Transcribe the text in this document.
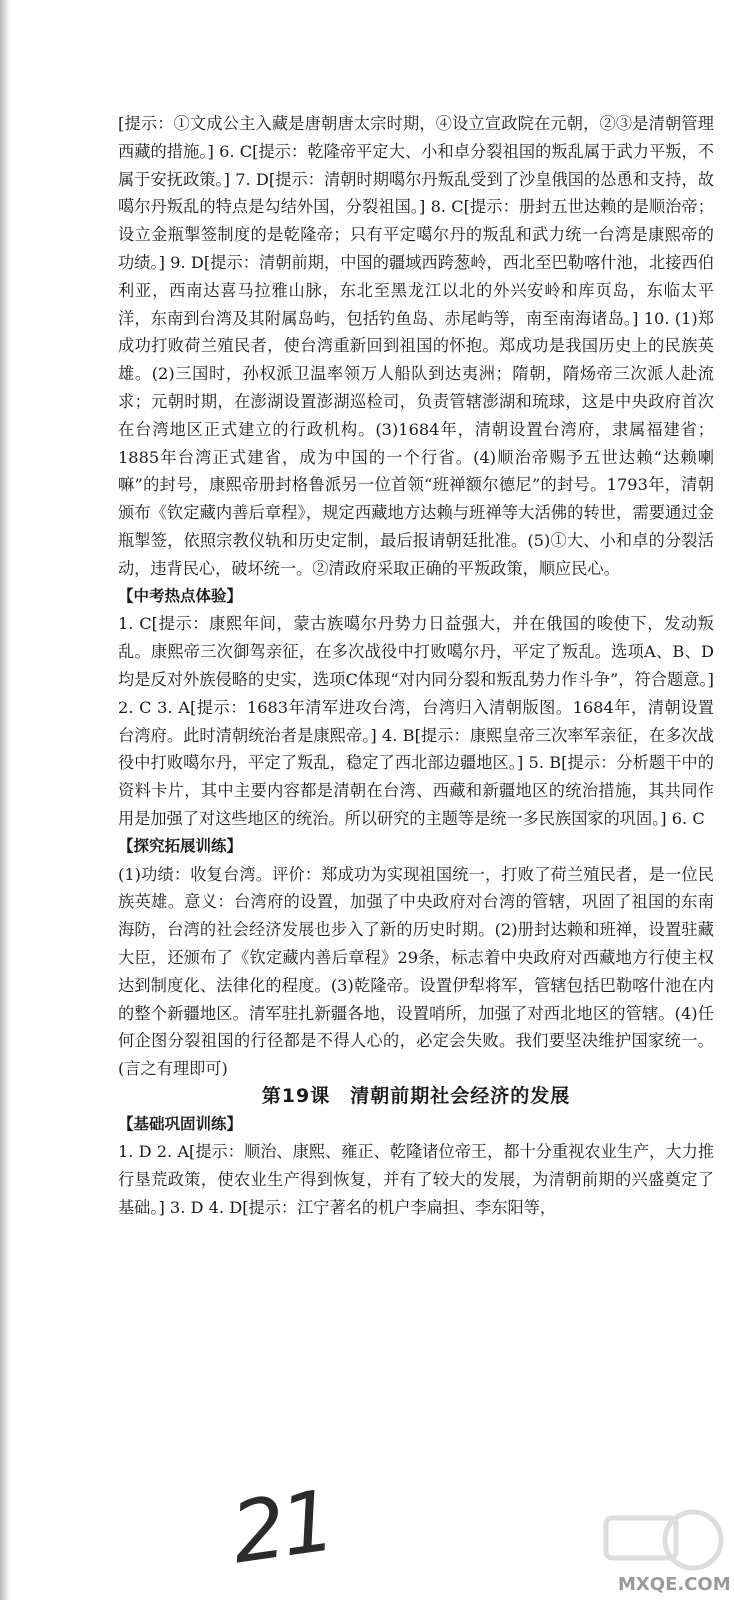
[提示：①文成公主入藏是唐朝唐太宗时期，④设立宣政院在元朝，②③是清朝管理西藏的措施。] 6. C[提示：乾隆帝平定大、小和卓分裂祖国的叛乱属于武力平叛，不属于安抚政策。] 7. D[提示：清朝时期噶尔丹叛乱受到了沙皇俄国的怂恿和支持，故噶尔丹叛乱的特点是勾结外国，分裂祖国。] 8. C[提示：册封五世达赖的是顺治帝；设立金瓶掣签制度的是乾隆帝；只有平定噶尔丹的叛乱和武力统一台湾是康熙帝的功绩。] 9. D[提示：清朝前期，中国的疆域西跨葱岭，西北至巴勒喀什池，北接西伯利亚，西南达喜马拉雅山脉，东北至黑龙江以北的外兴安岭和库页岛，东临太平洋，东南到台湾及其附属岛屿，包括钓鱼岛、赤尾屿等，南至南海诸岛。] 10. (1)郑成功打败荷兰殖民者，使台湾重新回到祖国的怀抱。郑成功是我国历史上的民族英雄。(2)三国时，孙权派卫温率领万人船队到达夷洲；隋朝，隋炀帝三次派人赴流求；元朝时期，在澎湖设置澎湖巡检司，负责管辖澎湖和琉球，这是中央政府首次在台湾地区正式建立的行政机构。(3)1684年，清朝设置台湾府，隶属福建省；1885年台湾正式建省，成为中国的一个行省。(4)顺治帝赐予五世达赖“达赖喇嘛”的封号，康熙帝册封格鲁派另一位首领“班禅额尔德尼”的封号。1793年，清朝颁布《钦定藏内善后章程》，规定西藏地方达赖与班禅等大活佛的转世，需要通过金瓶掣签，依照宗教仪轨和历史定制，最后报请朝廷批准。(5)①大、小和卓的分裂活动，违背民心，破坏统一。②清政府采取正确的平叛政策，顺应民心。

【中考热点体验】

1. C[提示：康熙年间，蒙古族噶尔丹势力日益强大，并在俄国的唆使下，发动叛乱。康熙帝三次御驾亲征，在多次战役中打败噶尔丹，平定了叛乱。选项A、B、D均是反对外族侵略的史实，选项C体现“对内同分裂和叛乱势力作斗争”，符合题意。] 2. C 3. A[提示：1683年清军进攻台湾，台湾归入清朝版图。1684年，清朝设置台湾府。此时清朝统治者是康熙帝。] 4. B[提示：康熙皇帝三次率军亲征，在多次战役中打败噶尔丹，平定了叛乱，稳定了西北部边疆地区。] 5. B[提示：分析题干中的资料卡片，其中主要内容都是清朝在台湾、西藏和新疆地区的统治措施，其共同作用是加强了对这些地区的统治。所以研究的主题等是统一多民族国家的巩固。] 6. C

【探究拓展训练】

(1)功绩：收复台湾。评价：郑成功为实现祖国统一，打败了荷兰殖民者，是一位民族英雄。意义：台湾府的设置，加强了中央政府对台湾的管辖，巩固了祖国的东南海防，台湾的社会经济发展也步入了新的历史时期。(2)册封达赖和班禅，设置驻藏大臣，还颁布了《钦定藏内善后章程》29条，标志着中央政府对西藏地方行使主权达到制度化、法律化的程度。(3)乾隆帝。设置伊犁将军，管辖包括巴勒喀什池在内的整个新疆地区。清军驻扎新疆各地，设置哨所，加强了对西北地区的管辖。(4)任何企图分裂祖国的行径都是不得人心的，必定会失败。我们要坚决维护国家统一。(言之有理即可)

第19课　清朝前期社会经济的发展

【基础巩固训练】

1. D 2. A[提示：顺治、康熙、雍正、乾隆诸位帝王，都十分重视农业生产，大力推行垦荒政策，使农业生产得到恢复，并有了较大的发展，为清朝前期的兴盛奠定了基础。] 3. D 4. D[提示：江宁著名的机户李扁担、李东阳等，

21
MXQE.COM
